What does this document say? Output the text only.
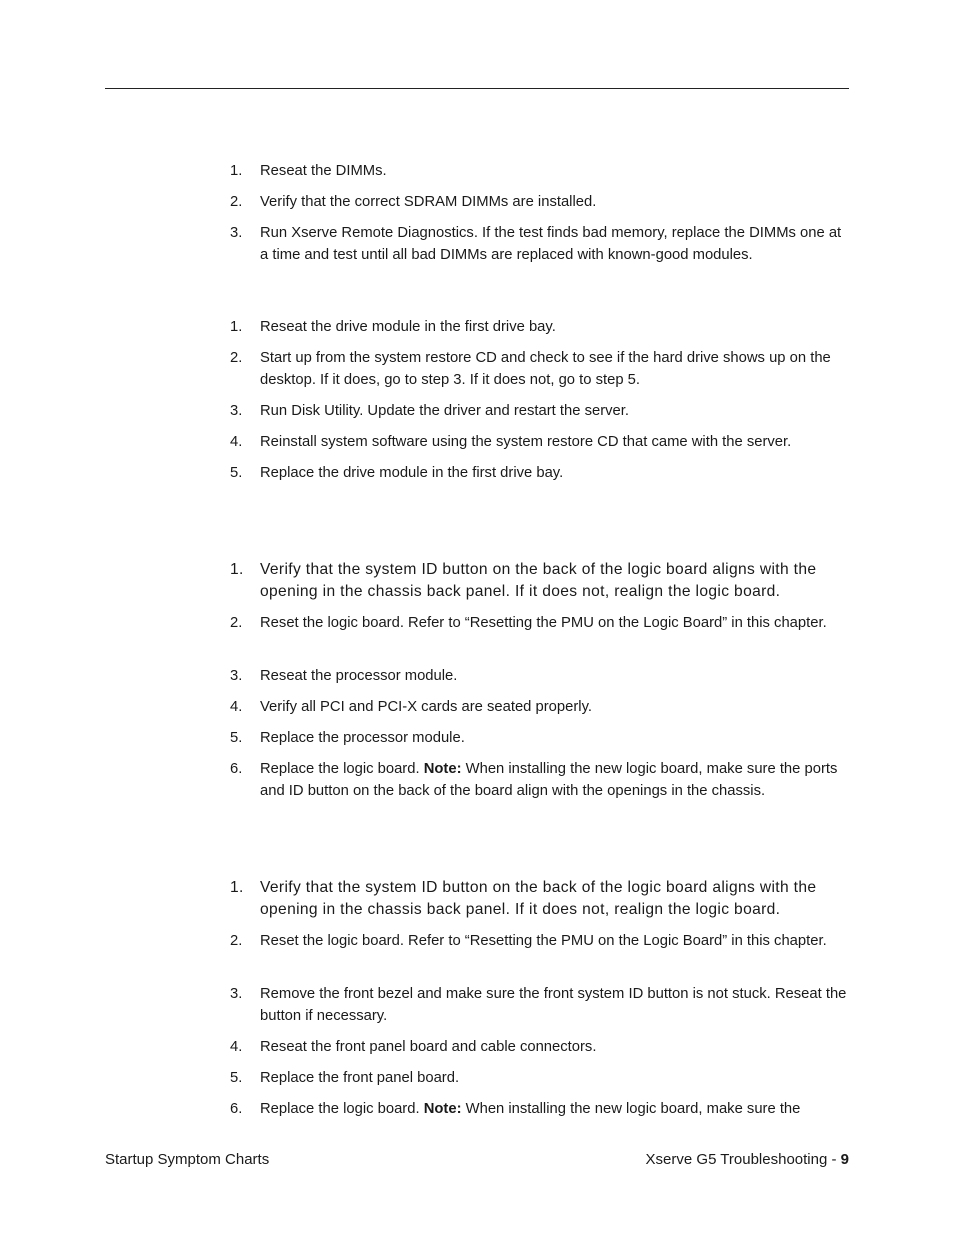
1.	Reseat the DIMMs.
2.	Verify that the correct SDRAM DIMMs are installed.
3.	Run Xserve Remote Diagnostics. If the test finds bad memory, replace the DIMMs one at a time and test until all bad DIMMs are replaced with known-good modules.
1.	Reseat the drive module in the first drive bay.
2.	Start up from the system restore CD and check to see if the hard drive shows up on the desktop. If it does, go to step 3. If it does not, go to step 5.
3.	Run Disk Utility. Update the driver and restart the server.
4.	Reinstall system software using the system restore CD that came with the server.
5.	Replace the drive module in the first drive bay.
1.	Verify that the system ID button on the back of the logic board aligns with the opening in the chassis back panel. If it does not, realign the logic board.
2.	Reset the logic board. Refer to “Resetting the PMU on the Logic Board” in this chapter.
3.	Reseat the processor module.
4.	Verify all PCI and PCI-X cards are seated properly.
5.	Replace the processor module.
6.	Replace the logic board. Note: When installing the new logic board, make sure the ports and ID button on the back of the board align with the openings in the chassis.
1.	Verify that the system ID button on the back of the logic board aligns with the opening in the chassis back panel. If it does not, realign the logic board.
2.	Reset the logic board. Refer to “Resetting the PMU on the Logic Board” in this chapter.
3.	Remove the front bezel and make sure the front system ID button is not stuck. Reseat the button if necessary.
4.	Reseat the front panel board and cable connectors.
5.	Replace the front panel board.
6.	Replace the logic board. Note: When installing the new logic board, make sure the
Startup Symptom Charts	Xserve G5 Troubleshooting - 9
